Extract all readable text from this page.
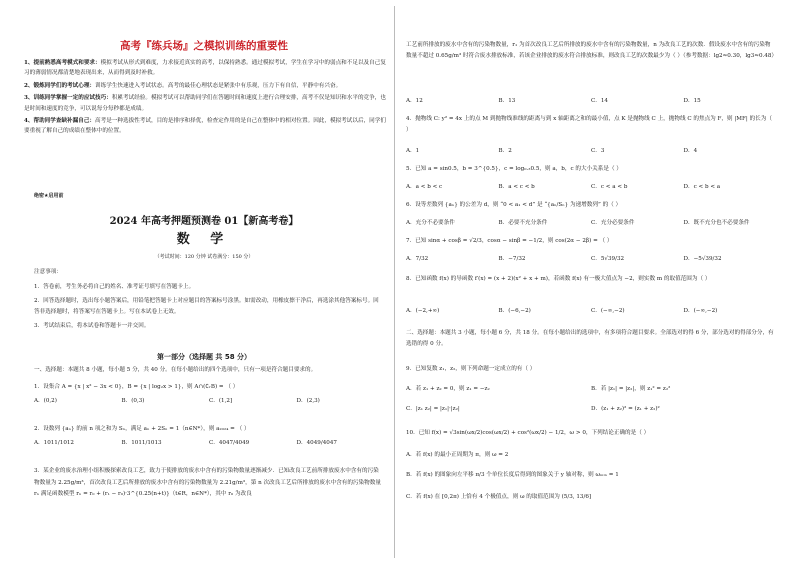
高考『练兵场』之模拟训练的重要性

1、提前熟悉高考模式和要求：模拟考试从形式到难度，力求接近真实的高考，以保持熟悉。通过模拟考试，学生在学习中的弱点和不足以及自己复习的薄弱情况都清楚地表现出来，从而得到及时补救。

2、锻炼同学们的考试心理：训练学生快速进入考试状态。高考的最佳心理状态是紧张中有乐观，压力下有自信，平静中有兴奋。

3、训练同学掌握一定的应试技巧：积累考试经验。模拟考试可以帮助同学们在答题时间和速度上进行合理安排，高考不仅是知识和水平的竞争，也是时间和速度的竞争，可以说每分每秒都是成绩。

4、帮助同学查缺补漏自己：高考是一种选拔性考试，目的是排序和择优，检查定作用的是自己在整体中的相对位置。因此，模拟考试以后，同学们要重视了解自己的成绩在整体中的位置。

绝密★启用前
2024 年高考押题预测卷 01【新高考卷】
数 学
（考试时间：120 分钟 试卷满分：150 分）
注意事项：

1．答卷前，考生务必将自己的姓名、准考证号填写在答题卡上。

2．回答选择题时，选出每小题答案后，用铅笔把答题卡上对应题目的答案标号涂黑。如需改动，用橡皮擦干净后，再选涂其他答案标号。回答非选择题时，将答案写在答题卡上。写在本试卷上无效。

3．考试结束后，将本试卷和答题卡一并交回。

第一部分（选择题 共 58 分）
一、选择题：本题共 8 小题，每小题 5 分，共 40 分。在每小题给出的四个选项中，只有一项是符合题目要求的。
1．设集合 A = {x | x² − 3x < 0}，B = {x | log₂x > 1}，则 A∩(∁ᵣB) = （ ）
A．(0,2)	B．(0,3)	C．(1,2]	D．(2,3)
2．设数列 {aₙ} 的前 n 项之和为 Sₙ，满足 aₙ + 2Sₙ = 1（n∈N*），则 a₂₀₂₄ = （ ）
A．1011/1012	B．1011/1013	C．4047/4049	D．4049/4047
3．某企业的废水治理小组积极探索改良工艺，致力于使排放的废水中含有的污染物数量逐渐减少．已知改良工艺前所排放废水中含有的污染物数量为 2.25g/m³，首次改良工艺后所排放的废水中含有的污染物数量为 2.21g/m³，第 n 次改良工艺后所排放的废水中含有的污染物数量 rₙ 满足函数模型 rₙ = r₀ + (r₁ − r₀)·3^{0.25(n+t)}（t∈R，n∈N*），其中 r₀ 为改良
工艺前所排放的废水中含有的污染物数量，r₁ 为首次改良工艺后所排放的废水中含有的污染物数量，n 为改良工艺的次数．假设废水中含有的污染物数量不超过 0.65g/m³ 时符合废水排放标准，若该企业排放的废水符合排放标准，则改良工艺的次数最少为（ ）（参考数据：lg2≈0.30，lg3≈0.48）
A．12	B．13	C．14	D．15
4．抛物线 C: y² = 4x 上的点 M 到抛物线准线的距离与到 x 轴距离之和的最小值，点 K 是抛物线 C 上，抛物线 C 的焦点为 F，则 |MF| 的长为（ ）
A．1	B．2	C．3	D．4
5．已知 a = sin0.5，b = 3^{0.5}，c = log₀.₃0.5，则 a，b，c 的大小关系是（ ）
A．a < b < c	B．a < c < b	C．c < a < b	D．c < b < a
6．设等差数列 {aₙ} 的公差为 d，则 “0 < a₁ < d” 是 “{aₙ/Sₙ} 为递增数列” 的（ ）
A．充分不必要条件	B．必要不充分条件	C．充分必要条件	D．既不充分也不必要条件
7．已知 sinα + cosβ = √2/3，cosα − sinβ = −1/2，则 cos(2α − 2β) = （ ）
A．7/32	B．−7/32	C．5√39/32	D．−5√39/32
8．已知函数 f(x) 的导函数 f′(x) = (x + 2)(x² + x + m)，若函数 f(x) 有一极大值点为 −2，则实数 m 的取值范围为（ ）
A．(−2,+∞)	B．(−6,−2)	C．(−∞,−2)	D．(−∞,−2)
二、选择题：本题共 3 小题，每小题 6 分，共 18 分。在每小题给出的选项中，有多项符合题目要求。全部选对的得 6 分，部分选对的得部分分，有选错的得 0 分。
9．已知复数 z₁，z₂，则下列命题一定成立的有（ ）
A．若 z₁ + z₂ = 0，则 z₁ = −z₂	B．若 |z₁| = |z₂|，则 z₁² = z₂²
C．|z₁ z₂| = |z₁|·|z₂|	D．(z₁ + z₂)² = (z₁ + z₂)²
10．已知 f(x) = √3sin(ωx/2)cos(ωx/2) + cos²(ωx/2) − 1/2，ω > 0，下列结论正确的是（ ）
A．若 f(x) 的最小正周期为 π，则 ω = 2
B．若 f(x) 的图象向左平移 π/3 个单位长度后得到的图象关于 y 轴对称，则 ωₘᵢₙ = 1
C．若 f(x) 在 [0,2π) 上恰有 4 个极值点，则 ω 的取值范围为 (5/3, 13/6]
